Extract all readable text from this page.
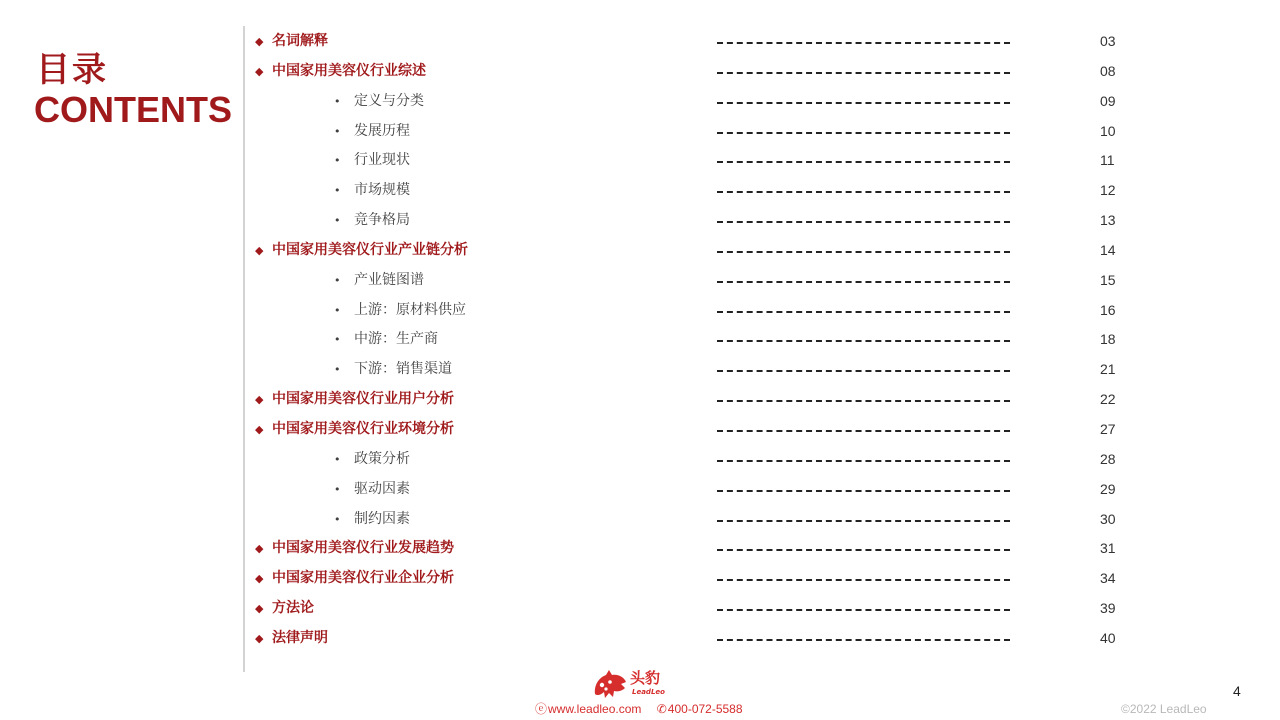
目录
CONTENTS
◆ 名词解释	03
◆ 中国家用美容仪行业综述	08
• 定义与分类	09
• 发展历程	10
• 行业现状	11
• 市场规模	12
• 竞争格局	13
◆ 中国家用美容仪行业产业链分析	14
• 产业链图谱	15
• 上游：原材料供应	16
• 中游：生产商	18
• 下游：销售渠道	21
◆ 中国家用美容仪行业用户分析	22
◆ 中国家用美容仪行业环境分析	27
• 政策分析	28
• 驱动因素	29
• 制约因素	30
◆ 中国家用美容仪行业发展趋势	31
◆ 中国家用美容仪行业企业分析	34
◆ 方法论	39
◆ 法律声明	40
头豹
LeadLeo
ⓔwww.leadleo.com ✆400-072-5588	©2022 LeadLeo
4
